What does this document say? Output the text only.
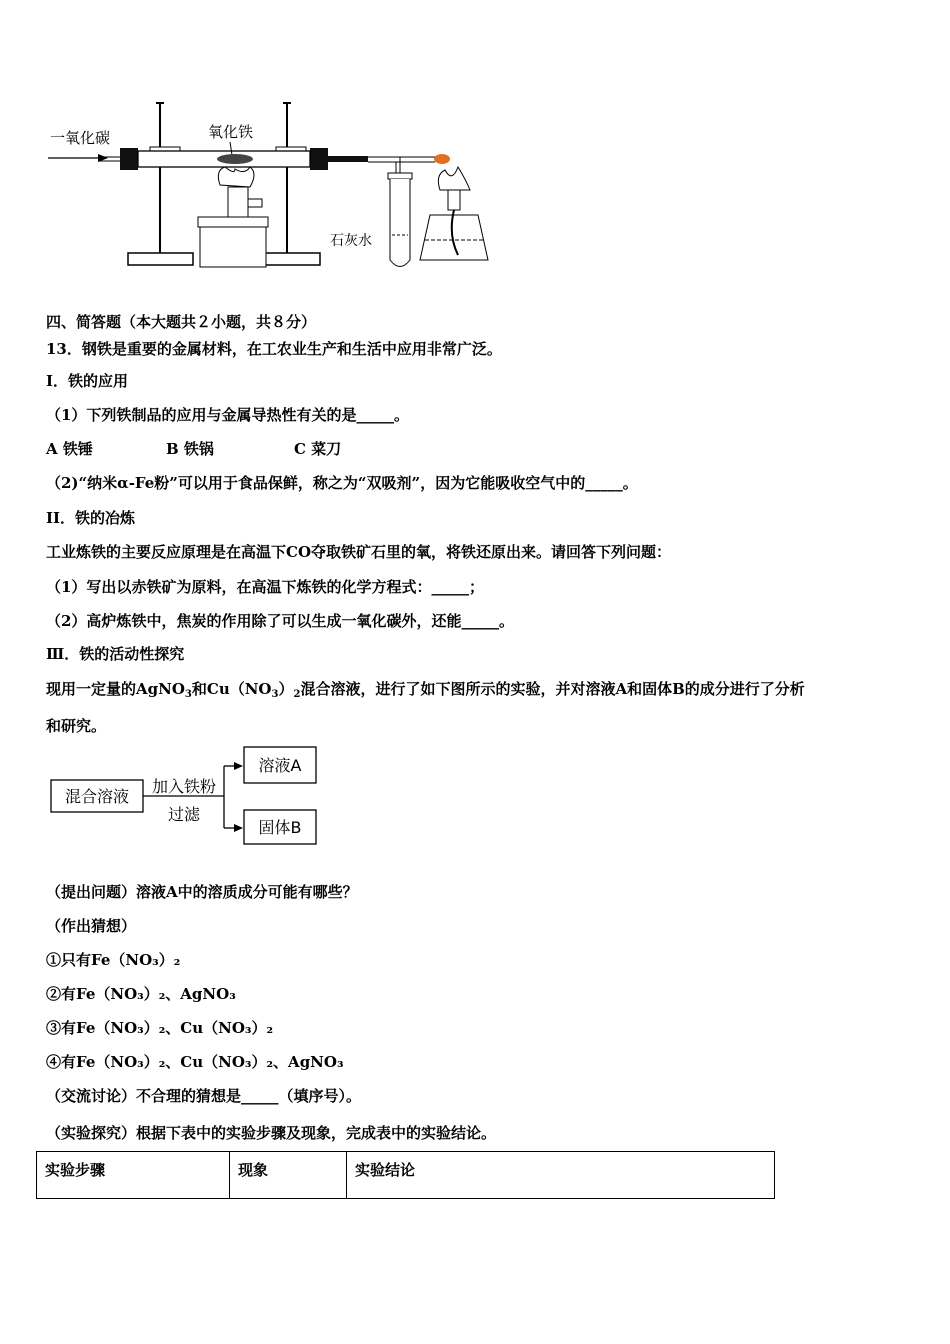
一氧化碳	氧化铁
石灰水
四、简答题（本大题共２小题，共８分）
13．钢铁是重要的金属材料，在工农业生产和生活中应用非常广泛。
I．铁的应用
（1）下列铁制品的应用与金属导热性有关的是_____。
A 铁锤	B 铁锅	C 菜刀
（2)“纳米α-Fe粉”可以用于食品保鲜，称之为“双吸剂”，因为它能吸收空气中的_____。
II．铁的冶炼
工业炼铁的主要反应原理是在高温下CO夺取铁矿石里的氧，将铁还原出来。请回答下列问题：
（1）写出以赤铁矿为原料，在高温下炼铁的化学方程式：_____；
（2）高炉炼铁中，焦炭的作用除了可以生成一氧化碳外，还能_____。
Ⅲ．铁的活动性探究
现用一定量的AgNO$_3$和$Cu(NO_3)_2$混合溶液，进行了如下图所示的实验，并对溶液A和固体B的成分进行了分析
和研究。
混合溶液
加入铁粉
过滤
溶液A
固体B
（提出问题）溶液A中的溶质成分可能有哪些？
（作出猜想）
①只有Fe（NO₃）₂
②有Fe（NO₃）₂、AgNO₃
③有Fe（NO₃）₂、Cu（NO₃）₂
④有Fe（NO₃）₂、Cu（NO₃）₂、AgNO₃
（交流讨论）不合理的猜想是_____（填序号）。
（实验探究）根据下表中的实验步骤及现象，完成表中的实验结论。
实验步骤	现象	实验结论
